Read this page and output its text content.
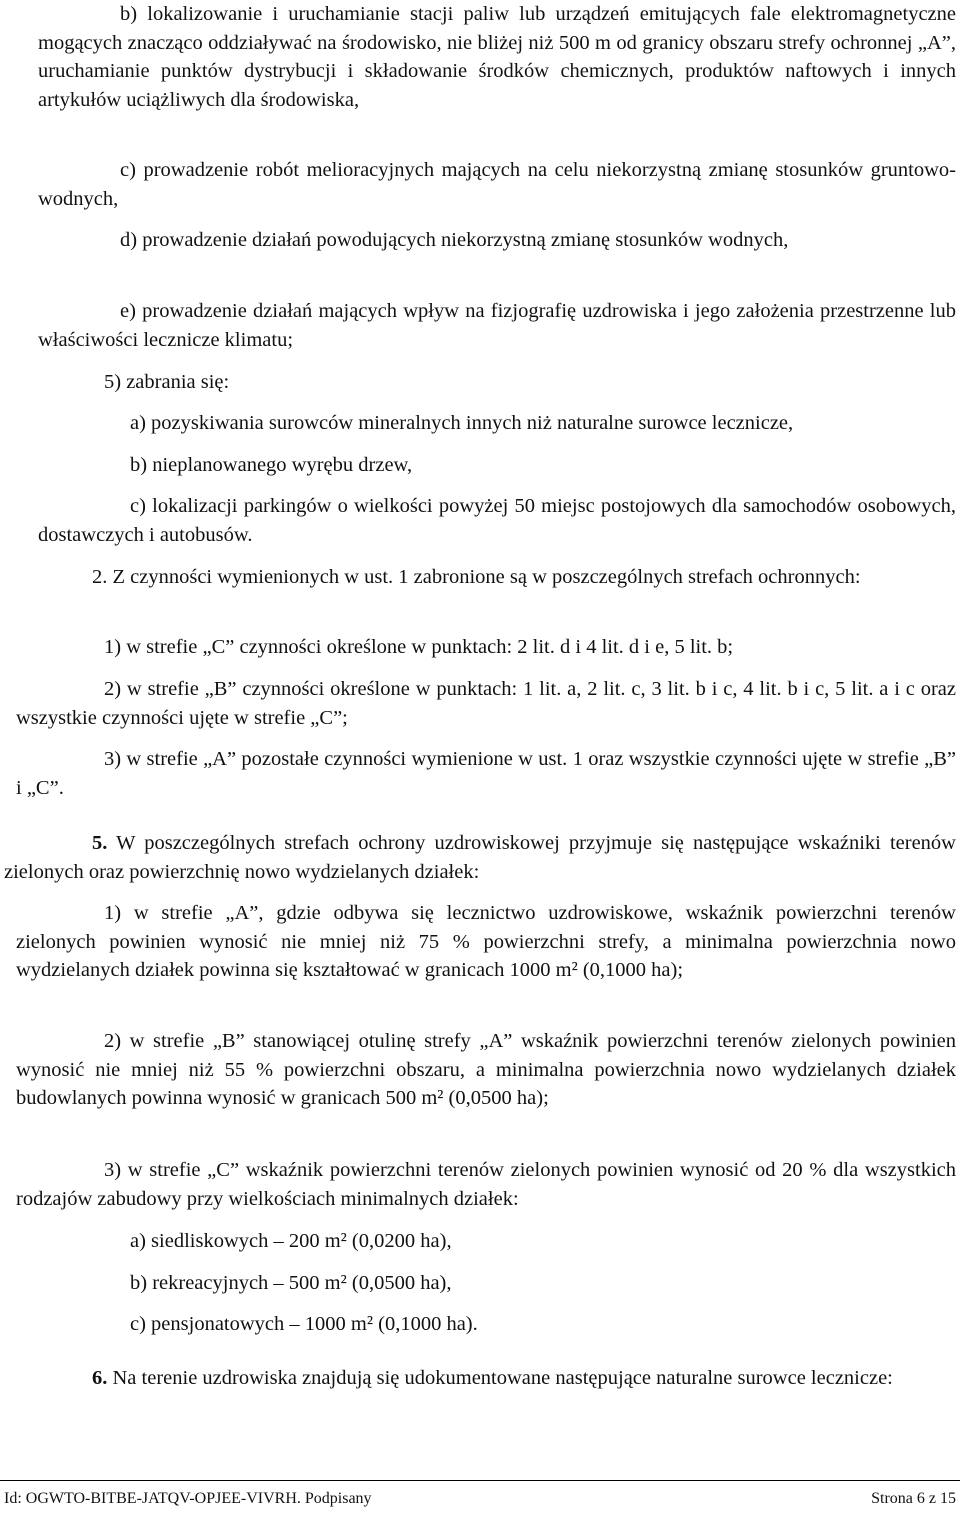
b) lokalizowanie i uruchamianie stacji paliw lub urządzeń emitujących fale elektromagnetyczne mogących znacząco oddziaływać na środowisko, nie bliżej niż 500 m od granicy obszaru strefy ochronnej „A”, uruchamianie punktów dystrybucji i składowanie środków chemicznych, produktów naftowych i innych artykułów uciążliwych dla środowiska,

c) prowadzenie robót melioracyjnych mających na celu niekorzystną zmianę stosunków gruntowo-wodnych,

d) prowadzenie działań powodujących niekorzystną zmianę stosunków wodnych,

e) prowadzenie działań mających wpływ na fizjografię uzdrowiska i jego założenia przestrzenne lub właściwości lecznicze klimatu;

5) zabrania się:

a) pozyskiwania surowców mineralnych innych niż naturalne surowce lecznicze,

b) nieplanowanego wyrębu drzew,

c) lokalizacji parkingów o wielkości powyżej 50 miejsc postojowych dla samochodów osobowych, dostawczych i autobusów.

2. Z czynności wymienionych w ust. 1 zabronione są w poszczególnych strefach ochronnych:

1) w strefie „C” czynności określone w punktach: 2 lit. d i 4 lit. d i e, 5 lit. b;

2) w strefie „B” czynności określone w punktach: 1 lit. a, 2 lit. c, 3 lit. b i c, 4 lit. b i c, 5 lit. a i c oraz wszystkie czynności ujęte w strefie „C”;

3) w strefie „A” pozostałe czynności wymienione w ust. 1 oraz wszystkie czynności ujęte w strefie „B” i „C”.

5. W poszczególnych strefach ochrony uzdrowiskowej przyjmuje się następujące wskaźniki terenów zielonych oraz powierzchnię nowo wydzielanych działek:

1) w strefie „A”, gdzie odbywa się lecznictwo uzdrowiskowe, wskaźnik powierzchni terenów zielonych powinien wynosić nie mniej niż 75 % powierzchni strefy, a minimalna powierzchnia nowo wydzielanych działek powinna się kształtować w granicach 1000 m² (0,1000 ha);

2) w strefie „B” stanowiącej otulinę strefy „A” wskaźnik powierzchni terenów zielonych powinien wynosić nie mniej niż 55 % powierzchni obszaru, a minimalna powierzchnia nowo wydzielanych działek budowlanych powinna wynosić w granicach 500 m² (0,0500 ha);

3) w strefie „C” wskaźnik powierzchni terenów zielonych powinien wynosić od 20 % dla wszystkich rodzajów zabudowy przy wielkościach minimalnych działek:

a) siedliskowych – 200 m² (0,0200 ha),

b) rekreacyjnych – 500 m² (0,0500 ha),

c) pensjonatowych – 1000 m² (0,1000 ha).

6. Na terenie uzdrowiska znajdują się udokumentowane następujące naturalne surowce lecznicze:

Id: OGWTO-BITBE-JATQV-OPJEE-VIVRH. Podpisany	Strona 6 z 15
